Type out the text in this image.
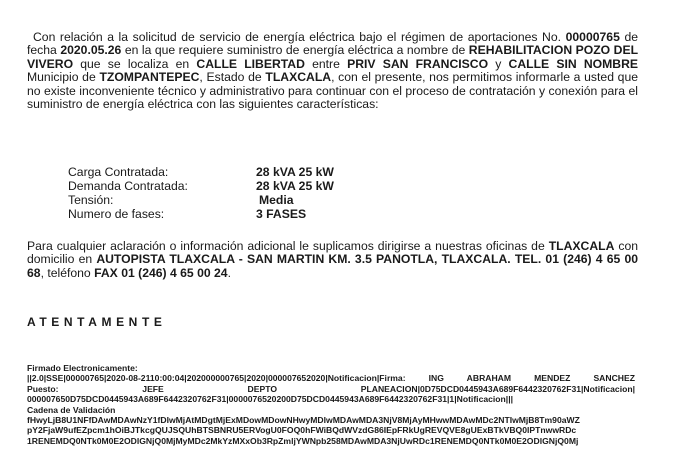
Con relación a la solicitud de servicio de energía eléctrica bajo el régimen de aportaciones No. 00000765 de fecha 2020.05.26 en la que requiere suministro de energía eléctrica a nombre de REHABILITACION POZO DEL VIVERO que se localiza en CALLE LIBERTAD entre PRIV SAN FRANCISCO y CALLE SIN NOMBRE Municipio de TZOMPANTEPEC, Estado de TLAXCALA, con el presente, nos permitimos informarle a usted que no existe inconveniente técnico y administrativo para continuar con el proceso de contratación y conexión para el suministro de energía eléctrica con las siguientes características:
Carga Contratada:	28 kVA 25 kW
Demanda Contratada:	28 kVA 25 kW
Tensión:	Media
Numero de fases:	3 FASES
Para cualquier aclaración o información adicional le suplicamos dirigirse a nuestras oficinas de TLAXCALA con domicilio en AUTOPISTA TLAXCALA - SAN MARTIN KM. 3.5 PANOTLA, TLAXCALA. TEL. 01 (246) 4 65 00 68, teléfono FAX 01 (246) 4 65 00 24.
ATENTAMENTE
Firmado Electronicamente:
||2.0|SSE|00000765|2020-08-2110:00:04|202000000765|2020|000007652020|Notificacion|Firma: ING ABRAHAM MENDEZ SANCHEZ
Puesto: JEFE DEPTO PLANEACION|0D75DCD0445943A689F6442320762F31|Notificacion|
000007650D75DCD0445943A689F6442320762F31|0000076520200D75DCD0445943A689F6442320762F31|1|Notificacion|||
Cadena de Validación
fHwyLjB8U1NFfDAwMDAwNzY1fDIwMjAtMDgtMjExMDowMDowNHwyMDIwMDAwMDA3NjV8MjAyMHwwMDAwMDc2NTIwMjB8Tm90aWZ
pY2FjaW9ufEZpcm1hOiBJTkcgQUJSQUhBTSBNRU5ERVogU0FOQ0hFWiBQdWVzdG86IEpFRkUgREVQVE8gUExBTkVBQ0lPTnwwRDc
1RENEMDQ0NTk0M0E2ODlGNjQ0MjMyMDc2MkYzMXxOb3RpZmljYWNpb258MDAwMDA3NjUwRDc1RENEMDQ0NTk0M0E2ODlGNjQ0Mj
